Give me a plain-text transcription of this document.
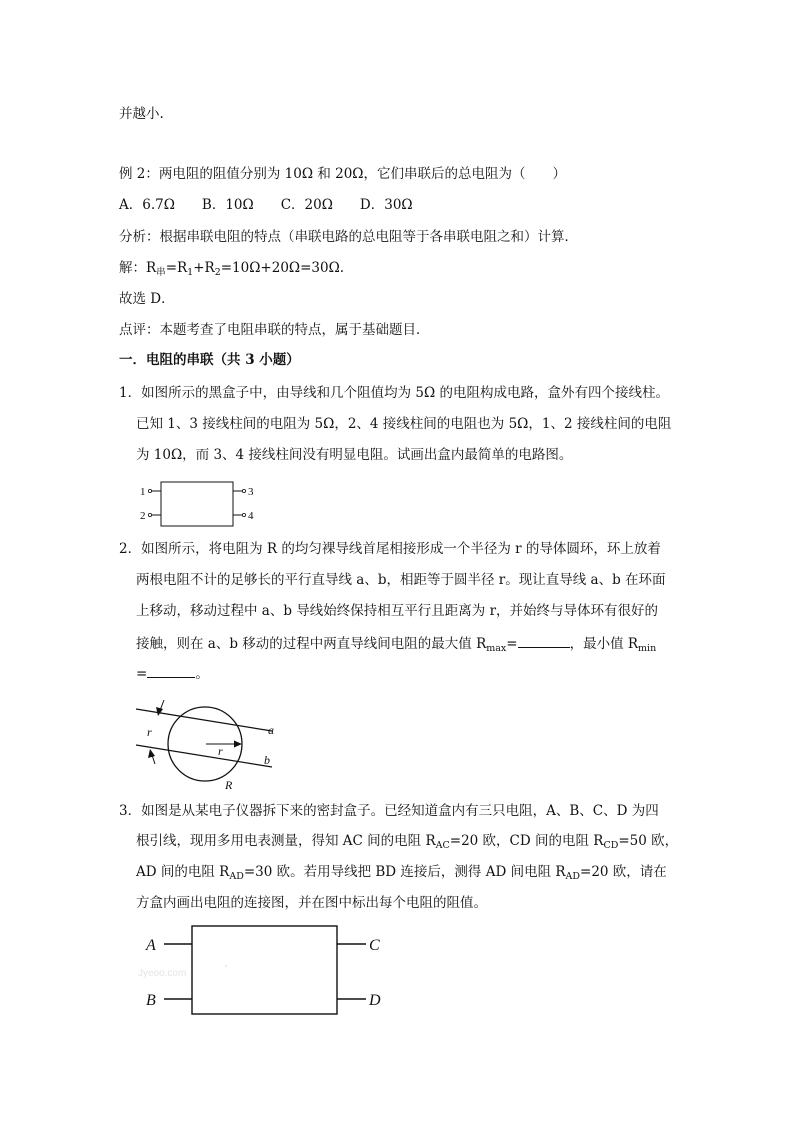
并越小.
例 2：两电阻的阻值分别为 10Ω 和 20Ω，它们串联后的总电阻为（　　）
A．6.7Ω　　B．10Ω　　C．20Ω　　D．30Ω
分析：根据串联电阻的特点（串联电路的总电阻等于各串联电阻之和）计算．
解：$R_串=R_1+R_2=10\Omega+20\Omega=30\Omega$.
故选 D．
点评：本题考查了电阻串联的特点，属于基础题目．
一．电阻的串联（共 3 小题）
1．如图所示的黑盒子中，由导线和几个阻值均为 5Ω 的电阻构成电路，盒外有四个接线柱。
已知 1、3 接线柱间的电阻为 5Ω，2、4 接线柱间的电阻也为 5Ω，1、2 接线柱间的电阻
为 10Ω，而 3、4 接线柱间没有明显电阻。试画出盒内最简单的电路图。
1
2
3
4
2．如图所示，将电阻为 R 的均匀裸导线首尾相接形成一个半径为 r 的导体圆环，环上放着
两根电阻不计的足够长的平行直导线 a、b，相距等于圆半径 r。现让直导线 a、b 在环面
上移动，移动过程中 a、b 导线始终保持相互平行且距离为 r，并始终与导体环有很好的
接触，则在 a、b 移动的过程中两直导线间电阻的最大值 $R_{max}=$	，最小值 $R_{min}$
=	。
r
r
a
b
R
3．如图是从某电子仪器拆下来的密封盒子。已经知道盒内有三只电阻，A、B、C、D 为四
根引线，现用多用电表测量，得知 AC 间的电阻 $R_{AC}=20$ 欧，CD 间的电阻 $R_{CD}=50$ 欧，
AD 间的电阻 $R_{AD}=30$ 欧。若用导线把 BD 连接后，测得 AD 间电阻 $R_{AD}=20$ 欧，请在
方盒内画出电阻的连接图，并在图中标出每个电阻的阻值。
A
B
C
D
Jyeoo.com
